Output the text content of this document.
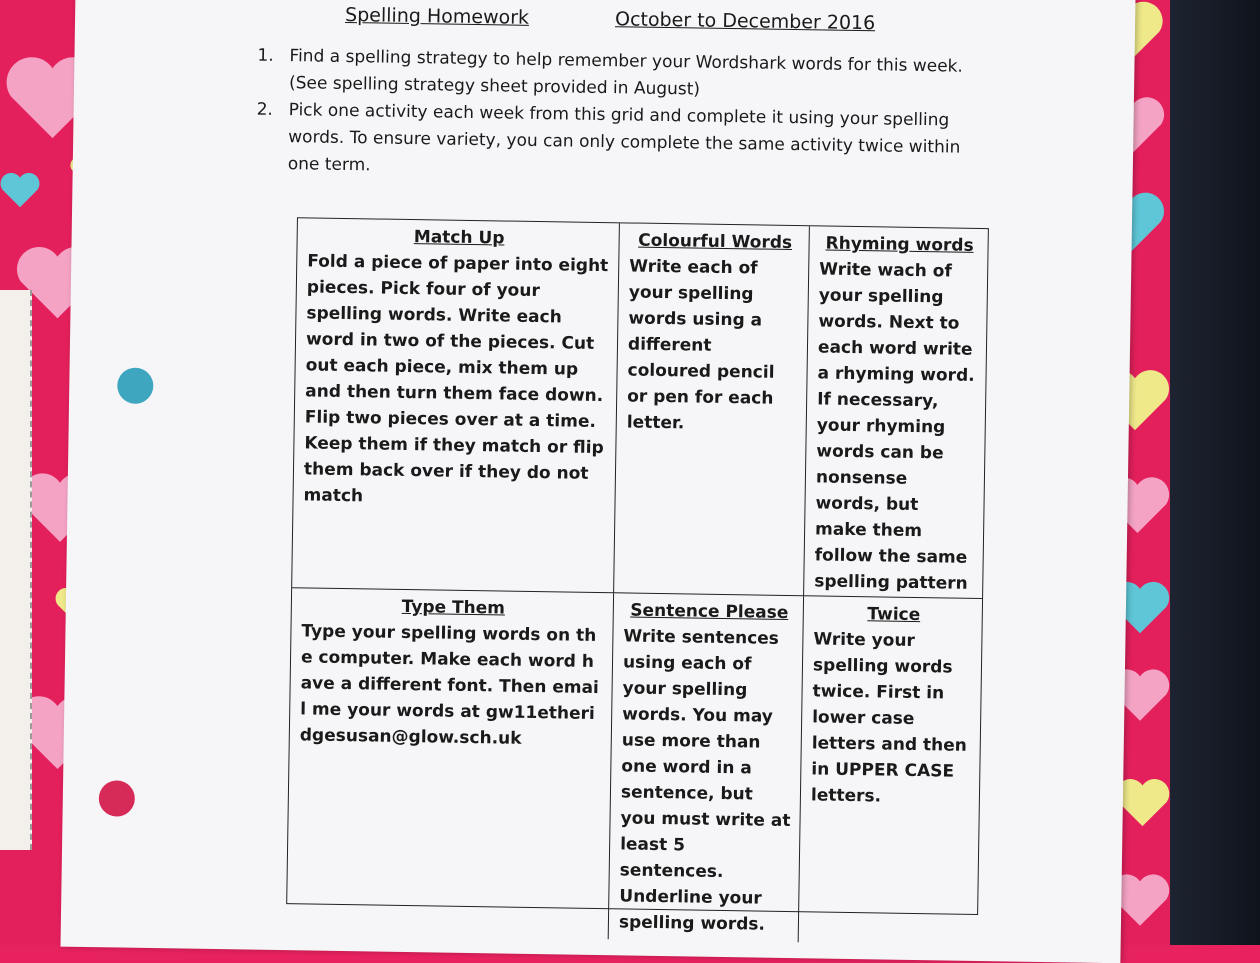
Spelling Homework	October to December 2016
1. Find a spelling strategy to help remember your Wordshark words for this week. (See spelling strategy sheet provided in August)
2. Pick one activity each week from this grid and complete it using your spelling words. To ensure variety, you can only complete the same activity twice within one term.
Match Up

Fold a piece of paper into eight pieces. Pick four of your spelling words. Write each word in two of the pieces. Cut out each piece, mix them up and then turn them face down. Flip two pieces over at a time. Keep them if they match or flip them back over if they do not match

Colourful Words

Write each of your spelling words using a different coloured pencil or pen for each letter.

Rhyming words

Write wach of your spelling words. Next to each word write a rhyming word. If necessary, your rhyming words can be nonsense words, but make them follow the same spelling pattern

Type Them

Type your spelling words on the computer. Make each word have a different font. Then email me your words at gw11etheridgesusan@glow.sch.uk

Sentence Please

Write sentences using each of your spelling words. You may use more than one word in a sentence, but you must write at least 5 sentences. Underline your spelling words.

Twice

Write your spelling words twice. First in lower case letters and then in UPPER CASE letters.
